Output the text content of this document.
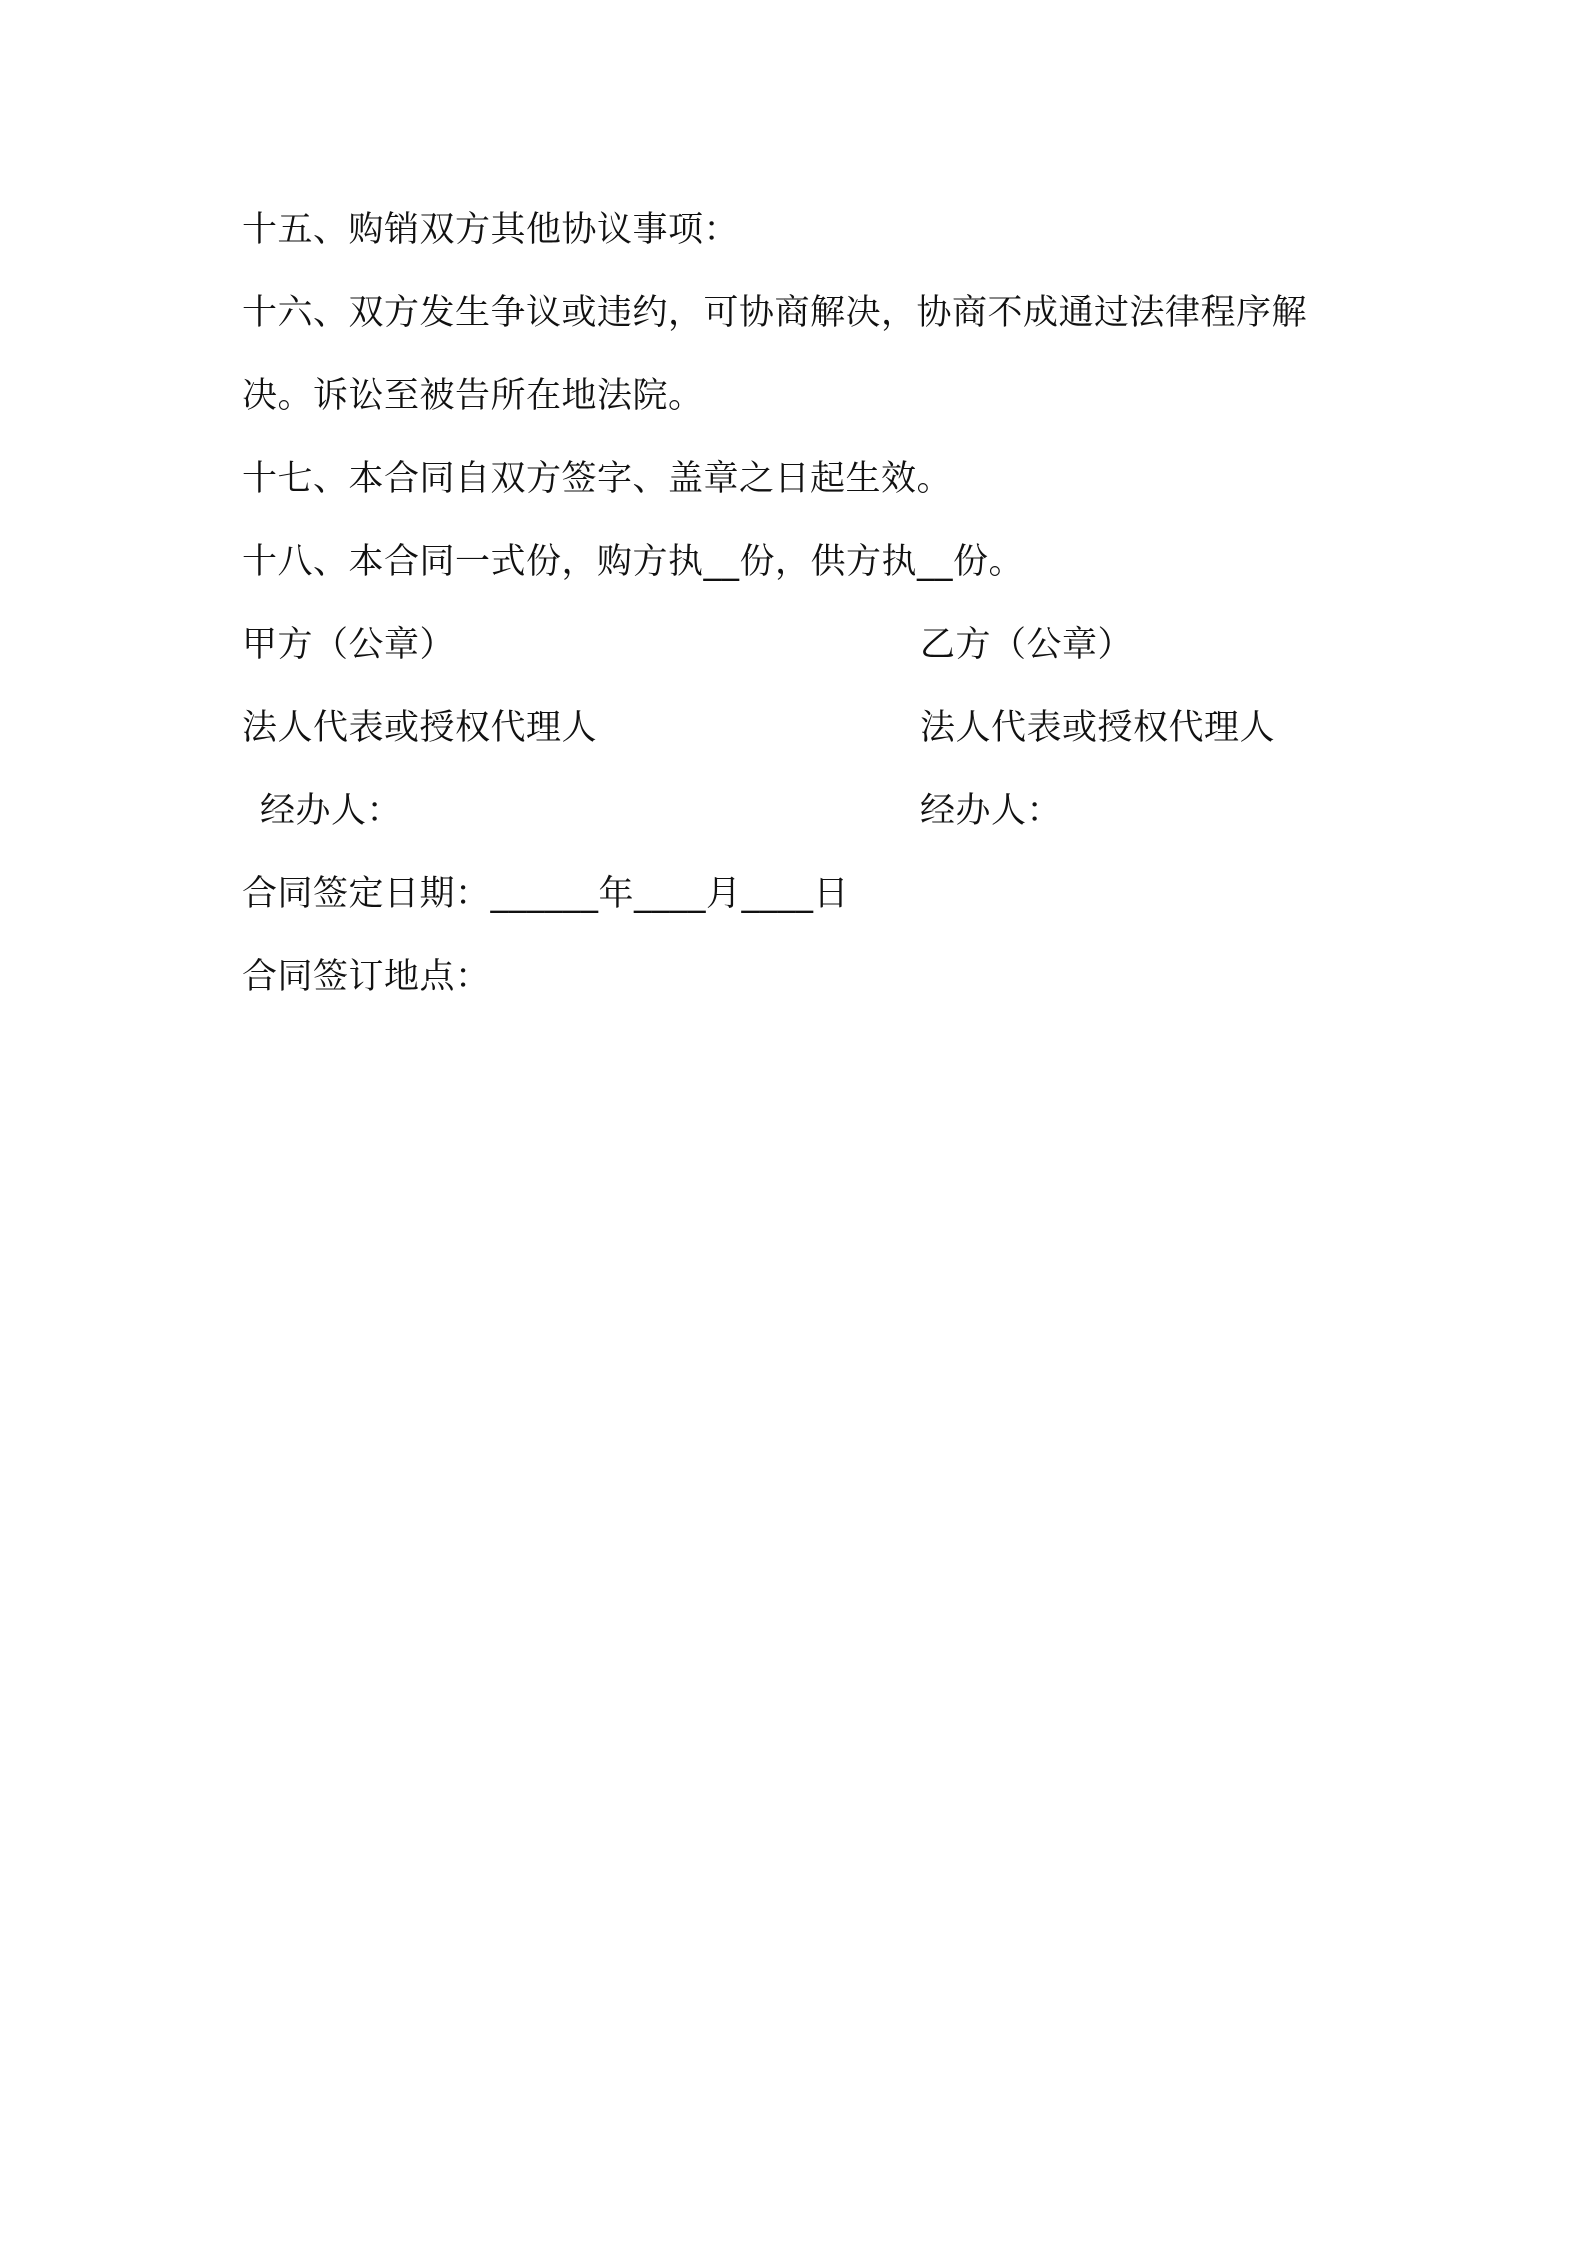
十五、购销双方其他协议事项：
十六、双方发生争议或违约，可协商解决，协商不成通过法律程序解
决。诉讼至被告所在地法院。
十七、本合同自双方签字、盖章之日起生效。
十八、本合同一式份，购方执__份，供方执__份。
甲方（公章）	乙方（公章）
法人代表或授权代理人	法人代表或授权代理人
经办人：	经办人：
合同签定日期：______年____月____日
合同签订地点：
